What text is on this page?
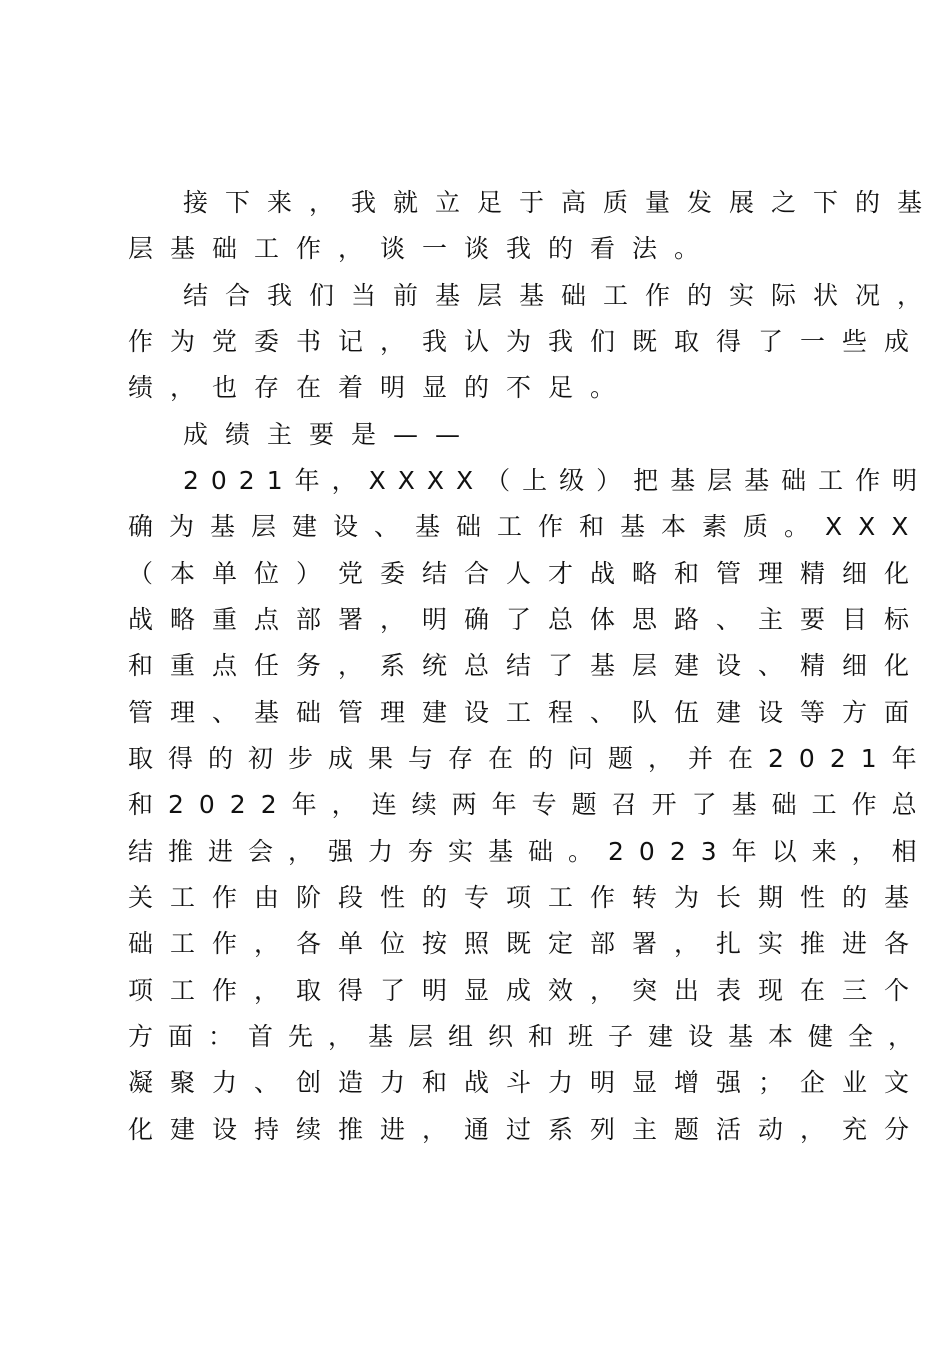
接下来，我就立足于高质量发展之下的基
层基础工作，谈一谈我的看法。
结合我们当前基层基础工作的实际状况，
作为党委书记，我认为我们既取得了一些成
绩，也存在着明显的不足。
成绩主要是——
2021年，XXXX（上级）把基层基础工作明
确为基层建设、基础工作和基本素质。XXX
（本单位）党委结合人才战略和管理精细化
战略重点部署，明确了总体思路、主要目标
和重点任务，系统总结了基层建设、精细化
管理、基础管理建设工程、队伍建设等方面
取得的初步成果与存在的问题，并在2021年
和2022年，连续两年专题召开了基础工作总
结推进会，强力夯实基础。2023年以来，相
关工作由阶段性的专项工作转为长期性的基
础工作，各单位按照既定部署，扎实推进各
项工作，取得了明显成效，突出表现在三个
方面：首先，基层组织和班子建设基本健全，
凝聚力、创造力和战斗力明显增强；企业文
化建设持续推进，通过系列主题活动，充分
